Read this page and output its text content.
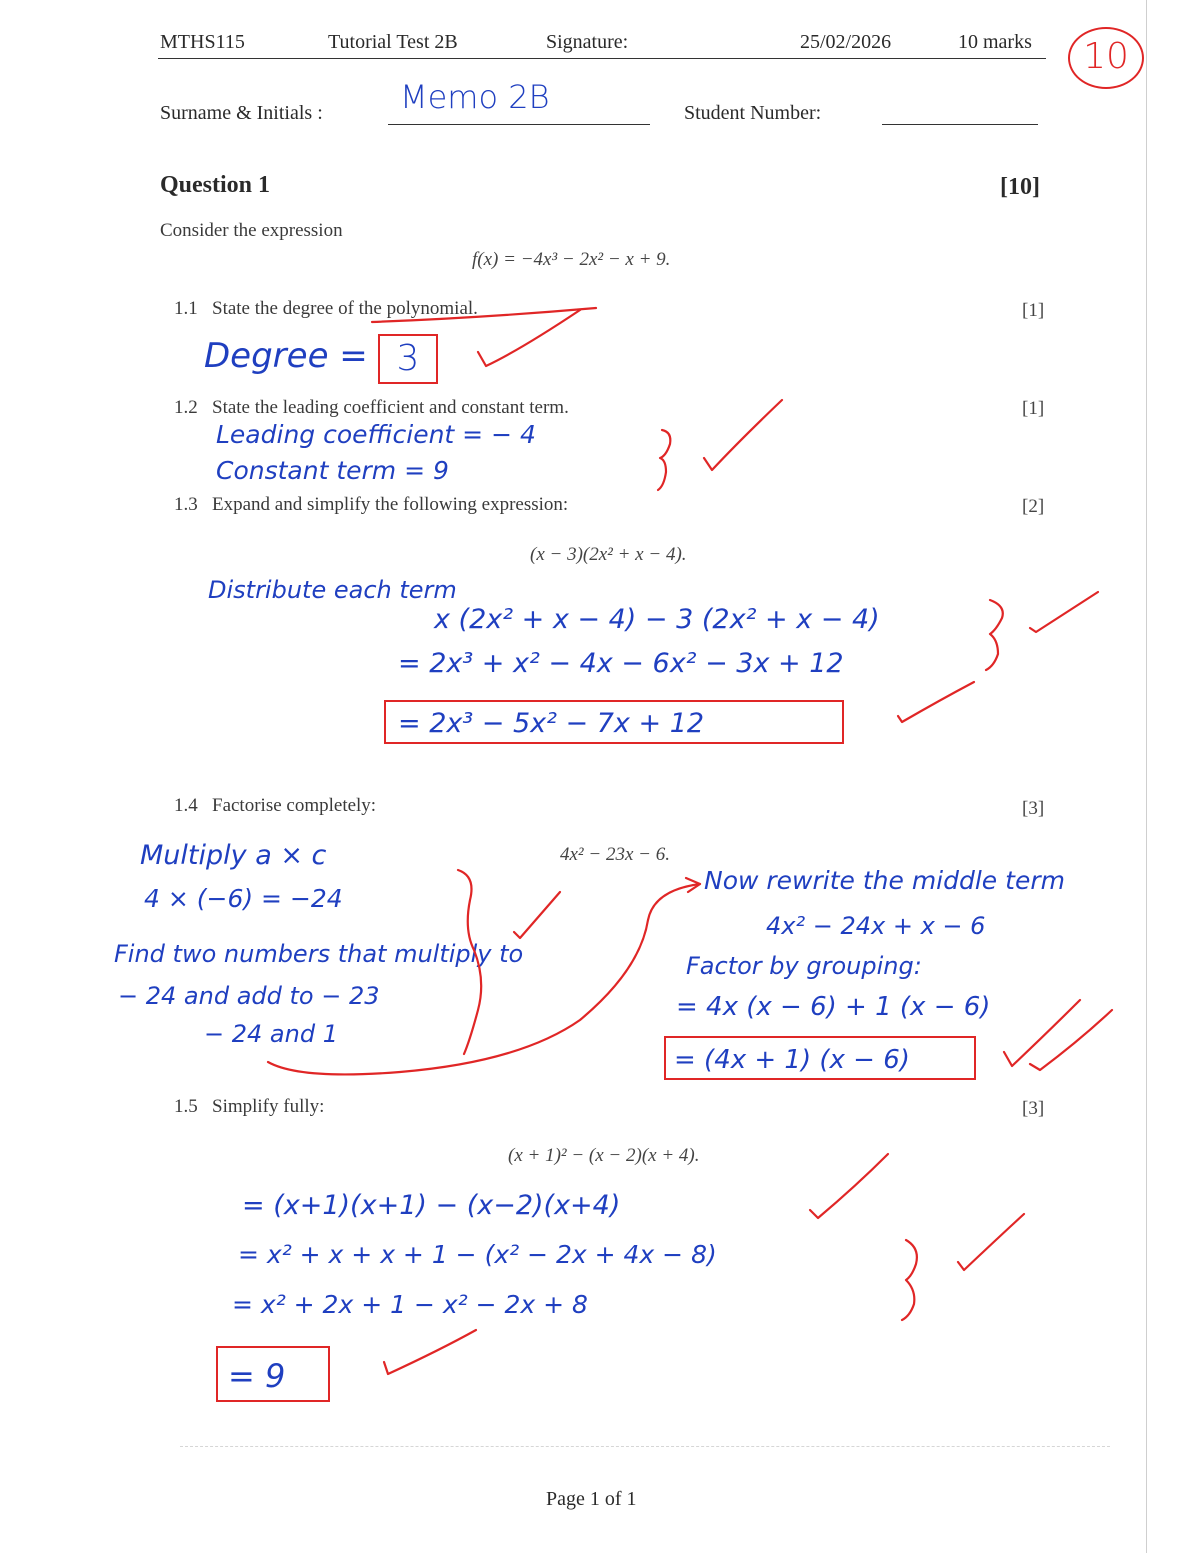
MTHS115	Tutorial Test 2B	Signature:	25/02/2026	10 marks	10
Surname & Initials : Memo 2B	Student Number:
Question 1	[10]
Consider the expression
f(x) = −4x³ − 2x² − x + 9.
1.1 State the degree of the polynomial.	[1]
Degree = 3
1.2 State the leading coefficient and constant term.	[1]
Leading coefficient = − 4
Constant term = 9
1.3 Expand and simplify the following expression:	[2]
(x − 3)(2x² + x − 4).
Distribute each term
x (2x² + x − 4) − 3 (2x² + x − 4)
= 2x³ + x² − 4x − 6x² − 3x + 12
= 2x³ − 5x² − 7x + 12
1.4 Factorise completely:	[3]
4x² − 23x − 6.
Multiply a × c
4 × (−6) = −24
Find two numbers that multiply to
− 24 and add to − 23
− 24 and 1
Now rewrite the middle term
4x² − 24x + x − 6
Factor by grouping:
= 4x (x − 6) + 1 (x − 6)
= (4x + 1) (x − 6)
1.5 Simplify fully:	[3]
(x + 1)² − (x − 2)(x + 4).
= (x+1)(x+1) − (x−2)(x+4)
= x² + x + x + 1 − (x² − 2x + 4x − 8)
= x² + 2x + 1 − x² − 2x + 8
= 9
Page 1 of 1
